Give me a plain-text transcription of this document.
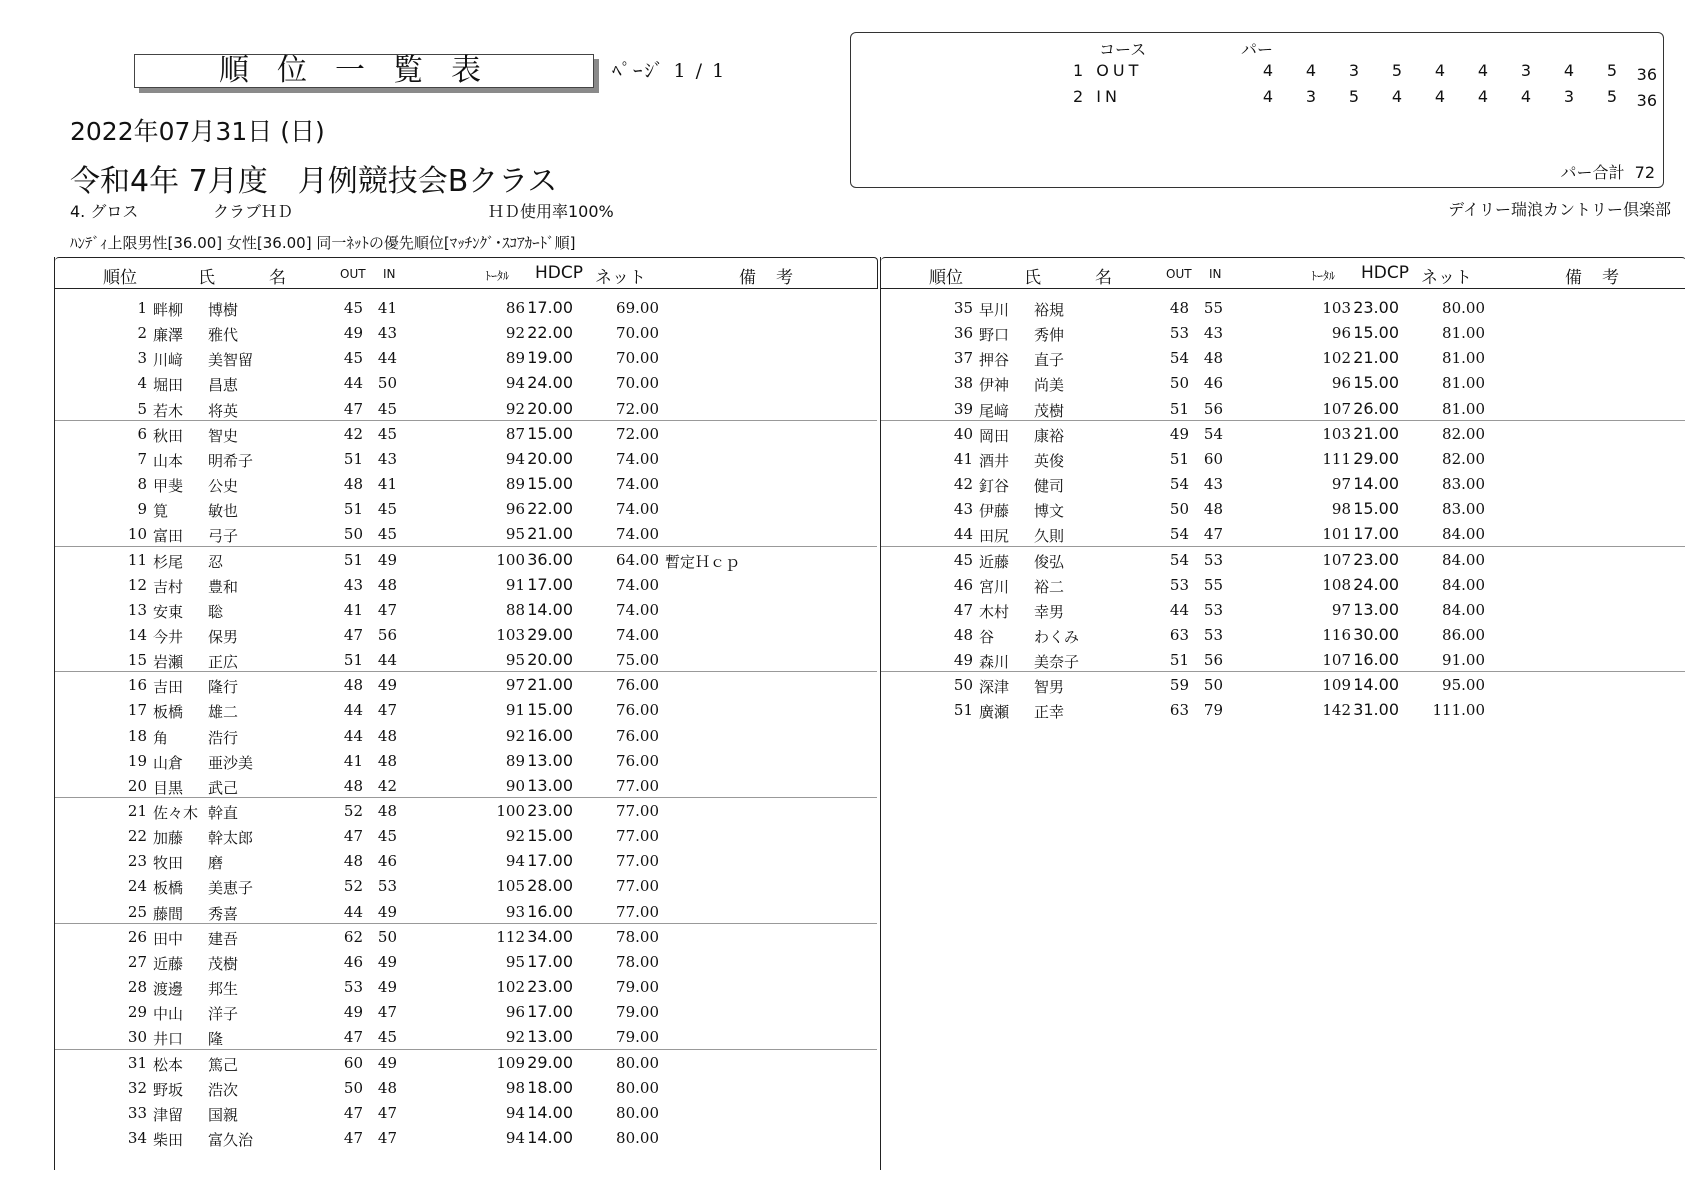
順位一覧表	ﾍﾟｰｼﾞ 1 / 1
2022年07月31日 (日)
令和4年 7月度　月例競技会Bクラス
4. グロス	クラブＨＤ	ＨＤ使用率100%	デイリー瑞浪カントリー倶楽部
ﾊﾝﾃﾞｨ上限男性[36.00] 女性[36.00] 同一ﾈｯﾄの優先順位[ﾏｯﾁﾝｸﾞ･ｽｺｱｶｰﾄﾞ順]
コース	パー
1 OUT	4	4	3	5	4	4	3	4	5	36
2 IN	4	3	5	4	4	4	4	3	5	36
パー合計 72
順位	氏	名	OUT IN	ﾄｰﾀﾙ HDCP ネット	備 考
1 畔柳 博樹	45 41	86 17.00	69.00
2 廉澤 雅代	49 43	92 22.00	70.00
3 川﨑 美智留	45 44	89 19.00	70.00
4 堀田 昌恵	44 50	94 24.00	70.00
5 若木 将英	47 45	92 20.00	72.00
6 秋田 智史	42 45	87 15.00	72.00
7 山本 明希子	51 43	94 20.00	74.00
8 甲斐 公史	48 41	89 15.00	74.00
9 筧	敏也	51 45	96 22.00	74.00
10 富田 弓子	50 45	95 21.00	74.00
11 杉尾 忍	51 49	100 36.00	64.00 暫定Ｈｃｐ
12 吉村 豊和	43 48	91 17.00	74.00
13 安東 聡	41 47	88 14.00	74.00
14 今井 保男	47 56	103 29.00	74.00
15 岩瀬 正広	51 44	95 20.00	75.00
16 吉田 隆行	48 49	97 21.00	76.00
17 板橋 雄二	44 47	91 15.00	76.00
18 角	浩行	44 48	92 16.00	76.00
19 山倉 亜沙美	41 48	89 13.00	76.00
20 目黒 武己	48 42	90 13.00	77.00
21 佐々木 幹直	52 48	100 23.00	77.00
22 加藤 幹太郎	47 45	92 15.00	77.00
23 牧田 磨	48 46	94 17.00	77.00
24 板橋 美恵子	52 53	105 28.00	77.00
25 藤間 秀喜	44 49	93 16.00	77.00
26 田中 建吾	62 50	112 34.00	78.00
27 近藤 茂樹	46 49	95 17.00	78.00
28 渡邊 邦生	53 49	102 23.00	79.00
29 中山 洋子	49 47	96 17.00	79.00
30 井口 隆	47 45	92 13.00	79.00
31 松本 篤己	60 49	109 29.00	80.00
32 野坂 浩次	50 48	98 18.00	80.00
33 津留 国親	47 47	94 14.00	80.00
34 柴田 富久治	47 47	94 14.00	80.00
順位	氏	名	OUT IN	ﾄｰﾀﾙ HDCP ネット	備 考
35 早川 裕規	48 55	103 23.00	80.00
36 野口 秀伸	53 43	96 15.00	81.00
37 押谷 直子	54 48	102 21.00	81.00
38 伊神 尚美	50 46	96 15.00	81.00
39 尾﨑 茂樹	51 56	107 26.00	81.00
40 岡田 康裕	49 54	103 21.00	82.00
41 酒井 英俊	51 60	111 29.00	82.00
42 釘谷 健司	54 43	97 14.00	83.00
43 伊藤 博文	50 48	98 15.00	83.00
44 田尻 久則	54 47	101 17.00	84.00
45 近藤 俊弘	54 53	107 23.00	84.00
46 宮川 裕二	53 55	108 24.00	84.00
47 木村 幸男	44 53	97 13.00	84.00
48 谷	わくみ	63 53	116 30.00	86.00
49 森川 美奈子	51 56	107 16.00	91.00
50 深津 智男	59 50	109 14.00	95.00
51 廣瀬 正幸	63 79	142 31.00	111.00
